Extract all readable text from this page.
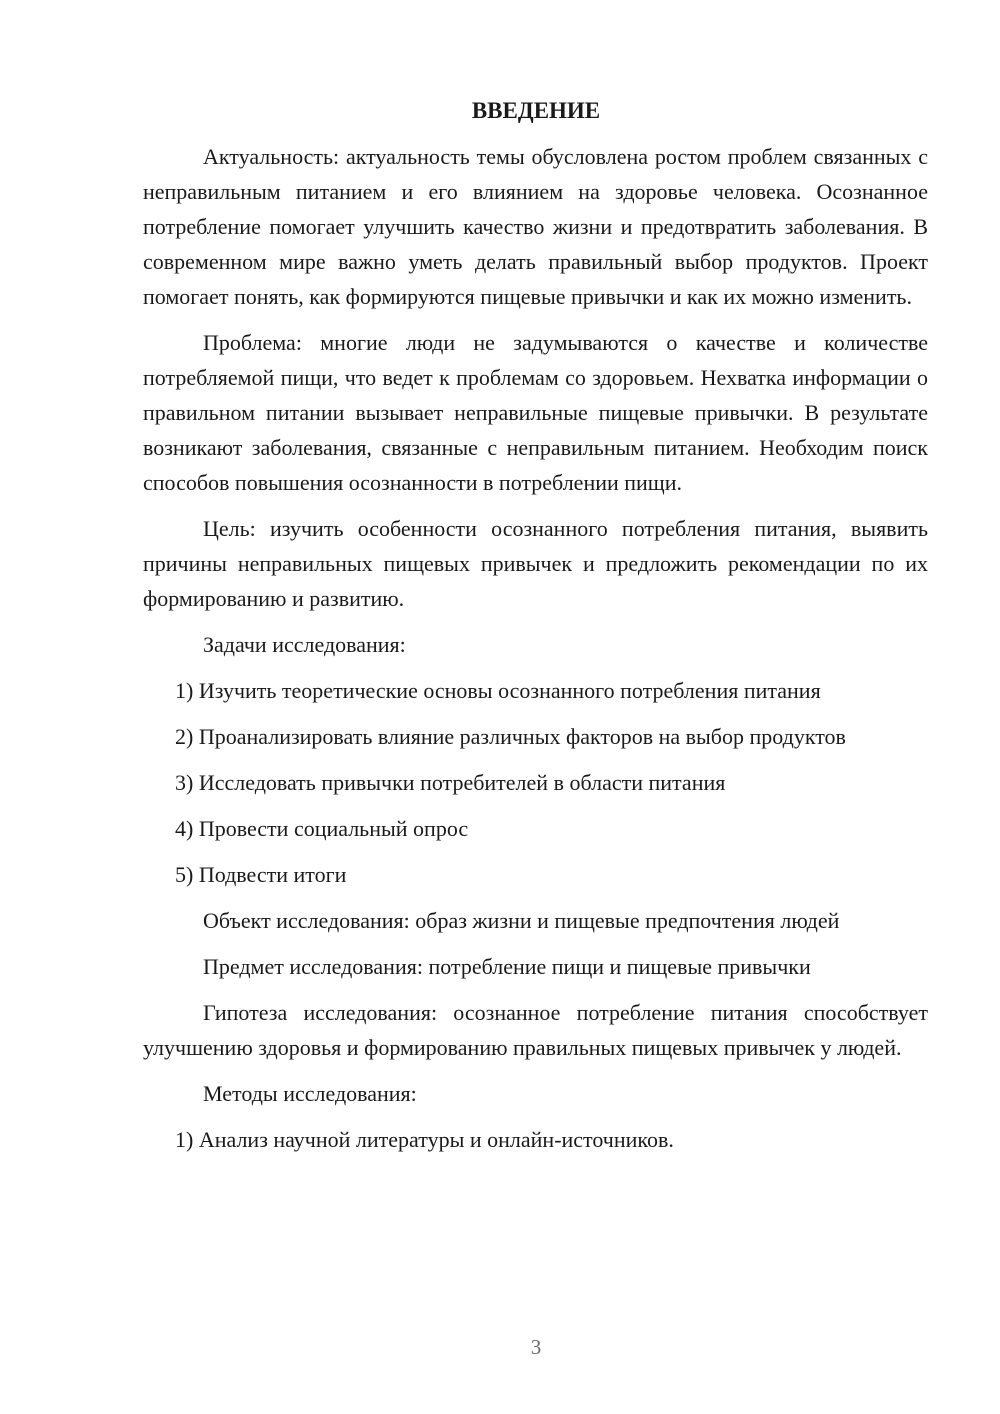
ВВЕДЕНИЕ

Актуальность: актуальность темы обусловлена ростом проблем связанных с неправильным питанием и его влиянием на здоровье человека. Осознанное потребление помогает улучшить качество жизни и предотвратить заболевания. В современном мире важно уметь делать правильный выбор продуктов. Проект помогает понять, как формируются пищевые привычки и как их можно изменить.

Проблема: многие люди не задумываются о качестве и количестве потребляемой пищи, что ведет к проблемам со здоровьем. Нехватка информации о правильном питании вызывает неправильные пищевые привычки. В результате возникают заболевания, связанные с неправильным питанием. Необходим поиск способов повышения осознанности в потреблении пищи.

Цель: изучить особенности осознанного потребления питания, выявить причины неправильных пищевых привычек и предложить рекомендации по их формированию и развитию.

Задачи исследования:

1) Изучить теоретические основы осознанного потребления питания

2) Проанализировать влияние различных факторов на выбор продуктов

3) Исследовать привычки потребителей в области питания

4) Провести социальный опрос

5) Подвести итоги

Объект исследования: образ жизни и пищевые предпочтения людей

Предмет исследования: потребление пищи и пищевые привычки

Гипотеза исследования: осознанное потребление питания способствует улучшению здоровья и формированию правильных пищевых привычек у людей.

Методы исследования:

1) Анализ научной литературы и онлайн-источников.

3
